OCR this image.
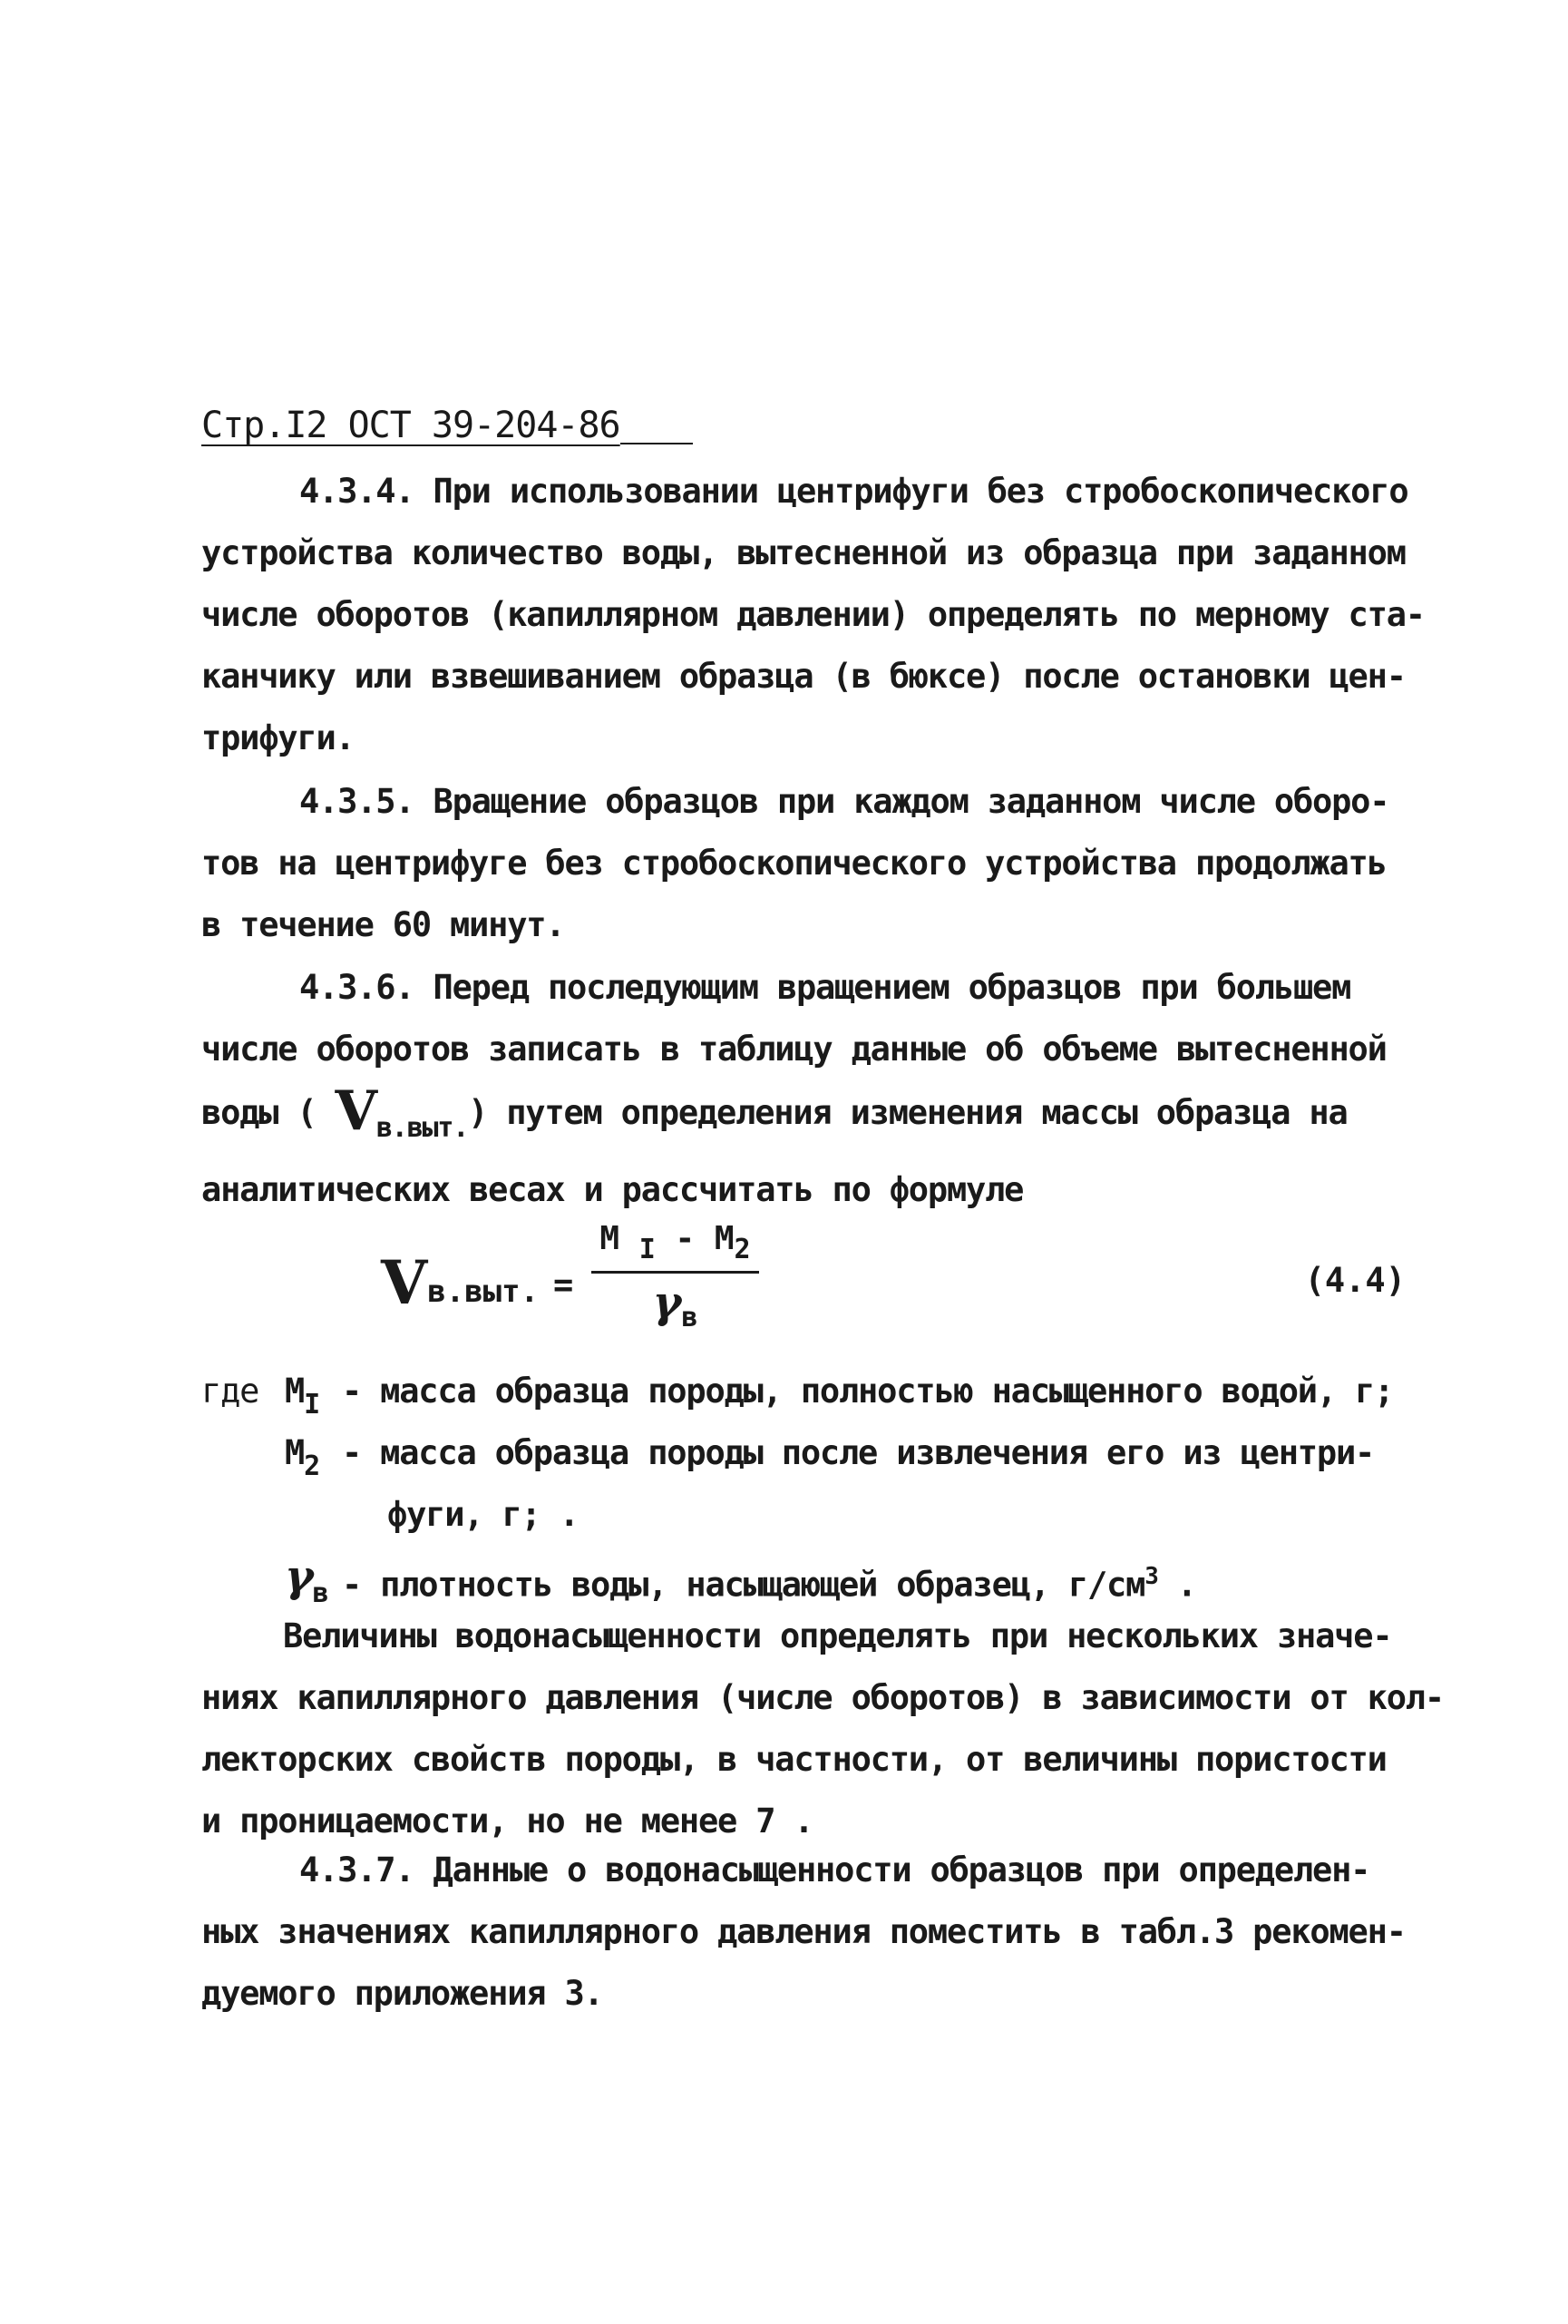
Стр.I2 ОСТ 39-204-86
4.3.4. При использовании центрифуги без стробоскопического
устройства количество воды, вытесненной из образца при заданном
числе оборотов (капиллярном давлении) определять по мерному ста-
канчику или взвешиванием образца (в бюксе) после остановки цен-
трифуги.
4.3.5. Вращение образцов при каждом заданном числе оборо-
тов на центрифуге без стробоскопического устройства продолжать
в течение 60 минут.
4.3.6. Перед последующим вращением образцов при большем
числе оборотов записать в таблицу данные об объеме вытесненной
воды ( $V_{в.выт.}$) путем определения изменения массы образца на
аналитических весах и рассчитать по формуле
Vв.выт. =
М $_I - М_2$
$\gamma_в$
(4.4)
где $М_I$ - масса образца породы, полностью насыщенного водой, г;
$М_2$ - масса образца породы после извлечения его из центри-
фуги, г; .
$\gamma_в$ - плотность воды, насыщающей образец, $г/см^3$ .
Величины водонасыщенности определять при нескольких значе-
ниях капиллярного давления (числе оборотов) в зависимости от кол-
лекторских свойств породы, в частности, от величины пористости
и проницаемости, но не менее 7 .
4.3.7. Данные о водонасыщенности образцов при определен-
ных значениях капиллярного давления поместить в табл.3 рекомен-
дуемого приложения 3.
